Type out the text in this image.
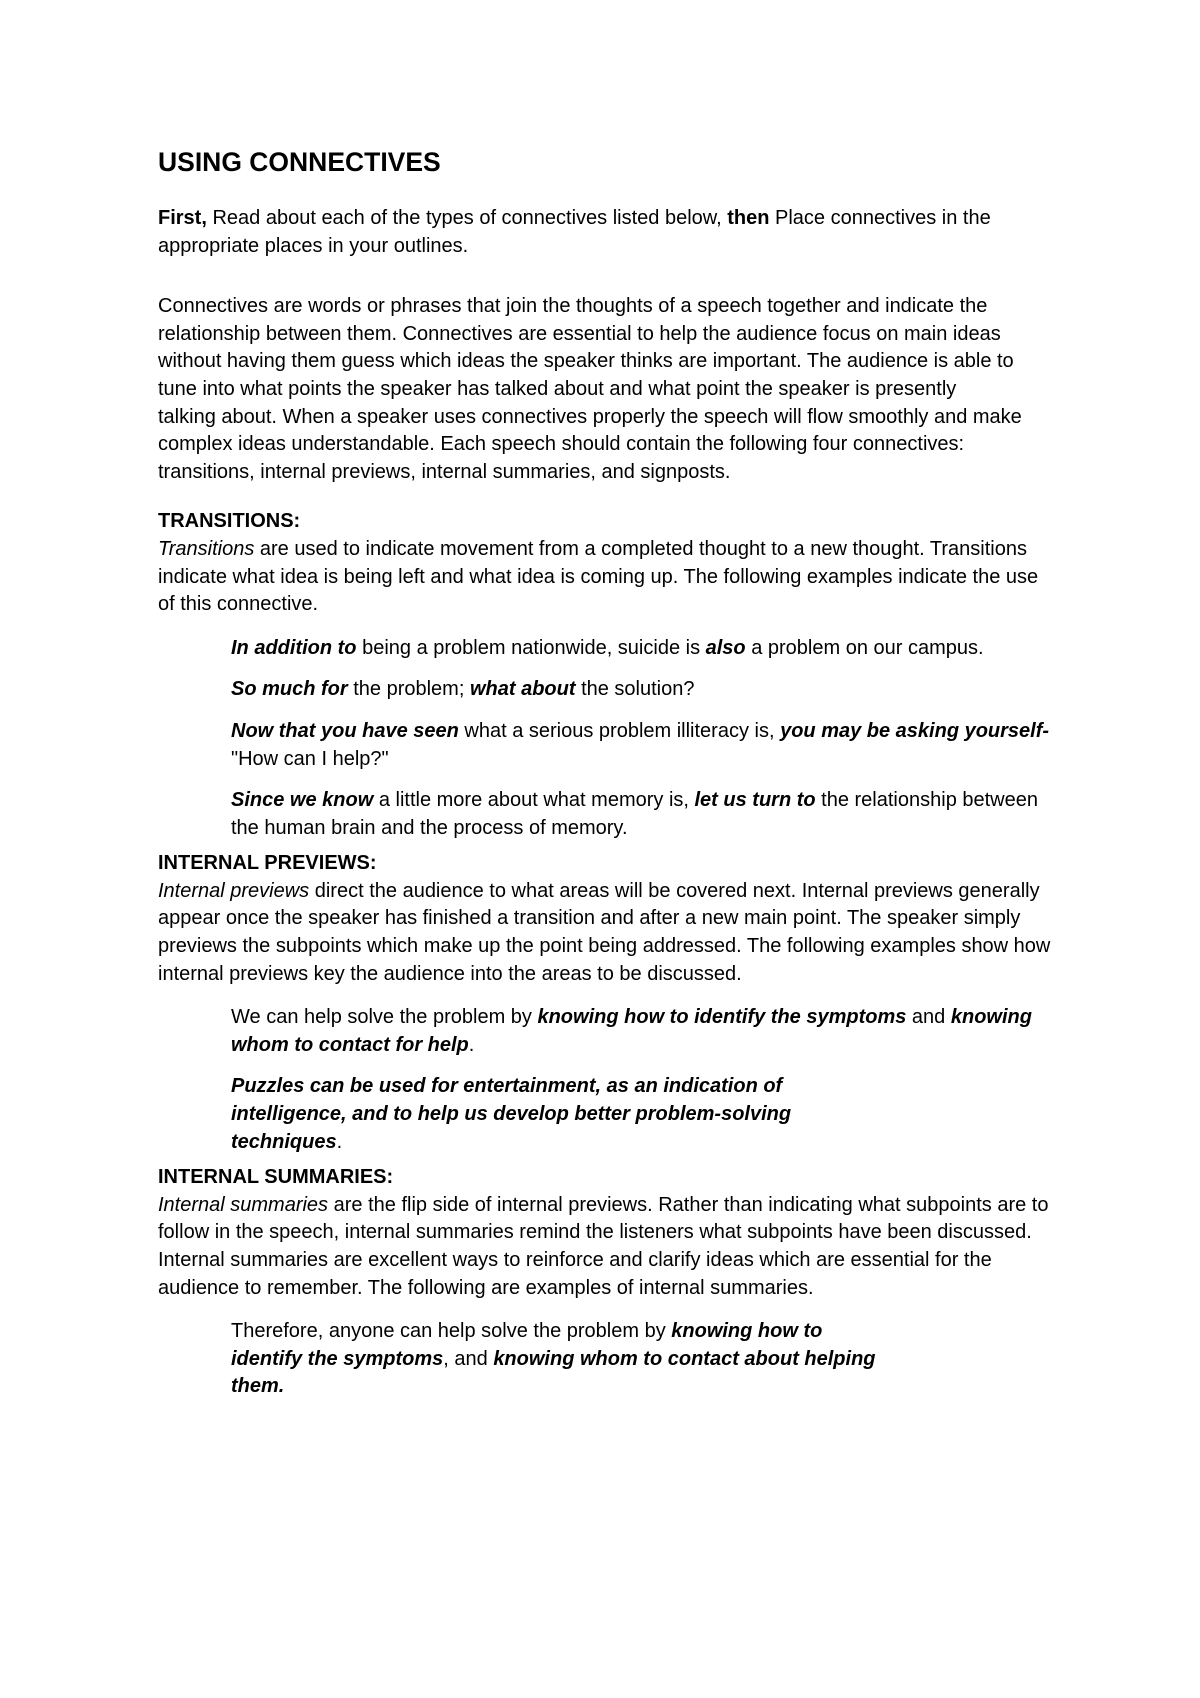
USING CONNECTIVES

First, Read about each of the types of connectives listed below, then Place connectives in the appropriate places in your outlines.

Connectives are words or phrases that join the thoughts of a speech together and indicate the relationship between them. Connectives are essential to help the audience focus on main ideas without having them guess which ideas the speaker thinks are important. The audience is able to tune into what points the speaker has talked about and what point the speaker is presently

talking about. When a speaker uses connectives properly the speech will flow smoothly and make complex ideas understandable. Each speech should contain the following four connectives: transitions, internal previews, internal summaries, and signposts.

TRANSITIONS:

Transitions are used to indicate movement from a completed thought to a new thought. Transitions indicate what idea is being left and what idea is coming up. The following examples indicate the use of this connective.

In addition to being a problem nationwide, suicide is also a problem on our campus.

So much for the problem; what about the solution?

Now that you have seen what a serious problem illiteracy is, you may be asking yourself-"How can I help?"

Since we know a little more about what memory is, let us turn to the relationship between the human brain and the process of memory.

INTERNAL PREVIEWS:

Internal previews direct the audience to what areas will be covered next. Internal previews generally appear once the speaker has finished a transition and after a new main point. The speaker simply previews the subpoints which make up the point being addressed. The following examples show how internal previews key the audience into the areas to be discussed.

We can help solve the problem by knowing how to identify the symptoms and knowing whom to contact for help.

Puzzles can be used for entertainment, as an indication of intelligence, and to help us develop better problem-solving techniques.

INTERNAL SUMMARIES:

Internal summaries are the flip side of internal previews. Rather than indicating what subpoints are to follow in the speech, internal summaries remind the listeners what subpoints have been discussed. Internal summaries are excellent ways to reinforce and clarify ideas which are essential for the audience to remember. The following are examples of internal summaries.

Therefore, anyone can help solve the problem by knowing how to identify the symptoms, and knowing whom to contact about helping them.
